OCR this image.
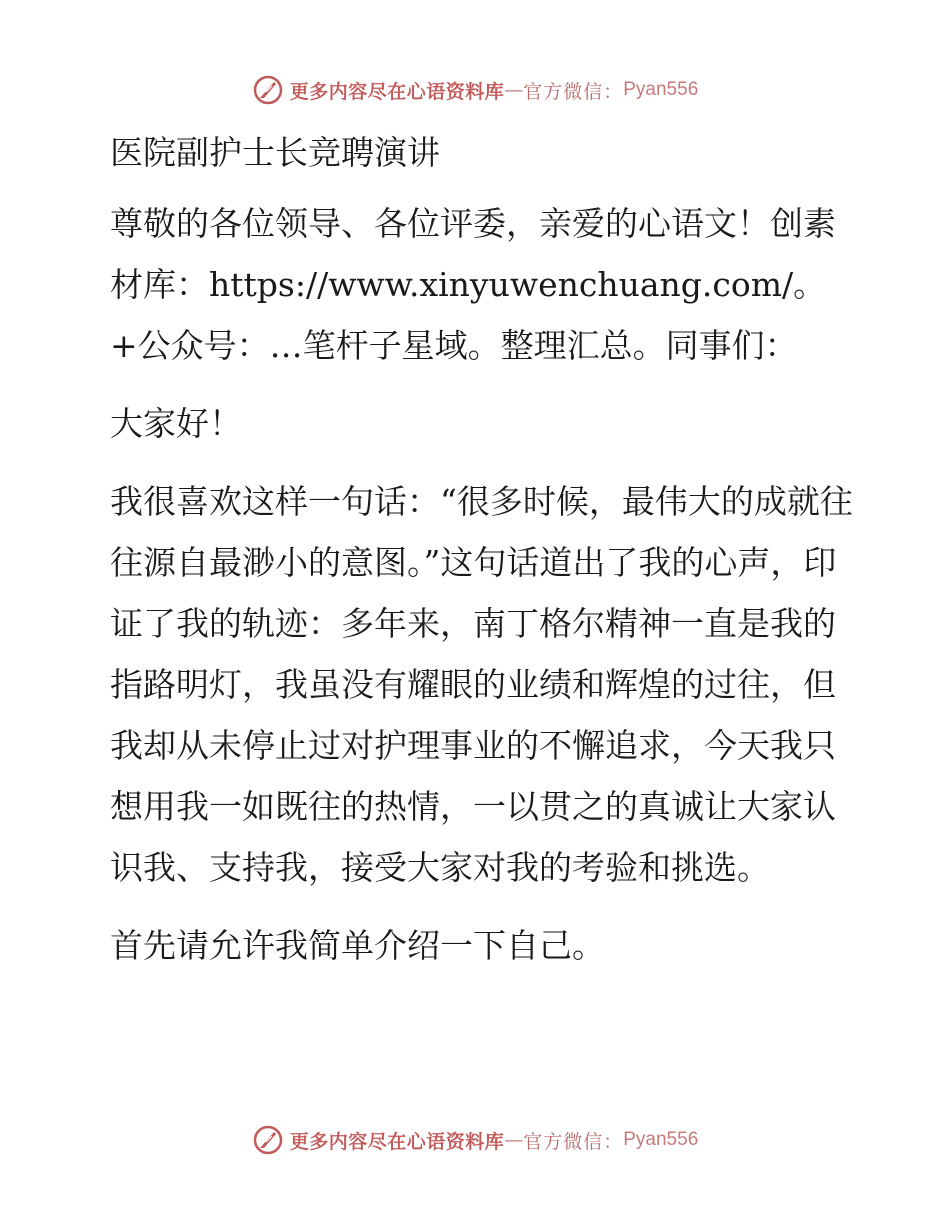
更多内容尽在心语资料库 — 官方微信： Pyan556

医院副护士长竞聘演讲

尊敬的各位领导、各位评委，亲爱的心语文！创素材库：https://www.xinyuwenchuang.com/。+公众号：…笔杆子星域。整理汇总。同事们：

大家好！

我很喜欢这样一句话：“很多时候，最伟大的成就往往源自最渺小的意图。”这句话道出了我的心声，印证了我的轨迹：多年来，南丁格尔精神一直是我的指路明灯，我虽没有耀眼的业绩和辉煌的过往，但我却从未停止过对护理事业的不懈追求，今天我只想用我一如既往的热情，一以贯之的真诚让大家认识我、支持我，接受大家对我的考验和挑选。

首先请允许我简单介绍一下自己。

更多内容尽在心语资料库 — 官方微信： Pyan556
